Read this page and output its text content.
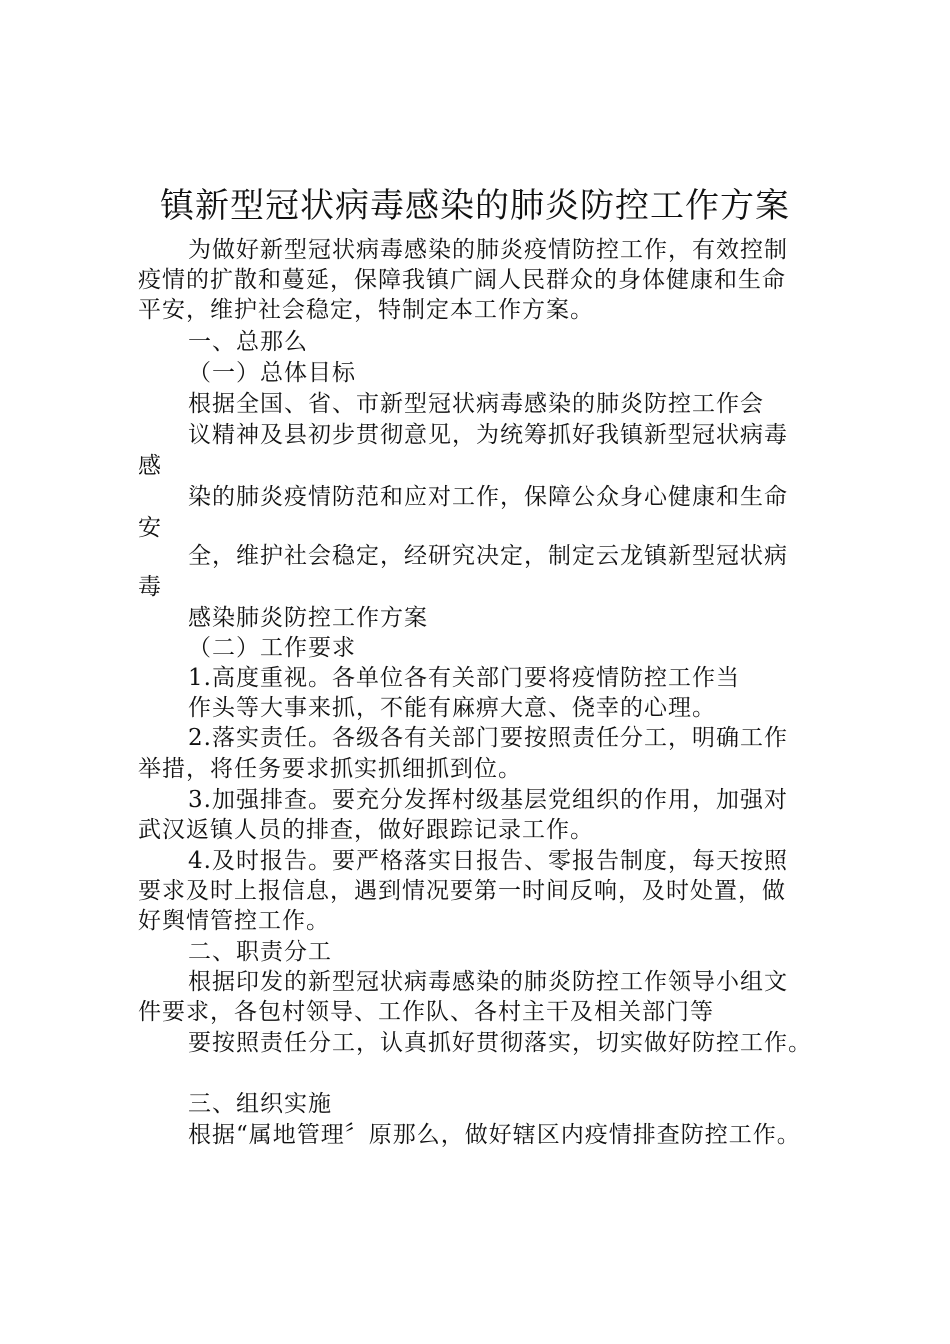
镇新型冠状病毒感染的肺炎防控工作方案
为做好新型冠状病毒感染的肺炎疫情防控工作，有效控制
疫情的扩散和蔓延，保障我镇广阔人民群众的身体健康和生命
平安，维护社会稳定，特制定本工作方案。
一、总那么
（一）总体目标
根据全国、省、市新型冠状病毒感染的肺炎防控工作会
议精神及县初步贯彻意见，为统筹抓好我镇新型冠状病毒
感
染的肺炎疫情防范和应对工作，保障公众身心健康和生命
安
全，维护社会稳定，经研究决定，制定云龙镇新型冠状病
毒
感染肺炎防控工作方案
（二）工作要求
1.高度重视。各单位各有关部门要将疫情防控工作当
作头等大事来抓，不能有麻痹大意、侥幸的心理。
2.落实责任。各级各有关部门要按照责任分工，明确工作
举措，将任务要求抓实抓细抓到位。
3.加强排查。要充分发挥村级基层党组织的作用，加强对
武汉返镇人员的排查，做好跟踪记录工作。
4.及时报告。要严格落实日报告、零报告制度，每天按照
要求及时上报信息，遇到情况要第一时间反响，及时处置，做
好舆情管控工作。
二、职责分工
根据印发的新型冠状病毒感染的肺炎防控工作领导小组文
件要求，各包村领导、工作队、各村主干及相关部门等
要按照责任分工，认真抓好贯彻落实，切实做好防控工作。
三、组织实施
根据“属地管理〞原那么，做好辖区内疫情排查防控工作。
